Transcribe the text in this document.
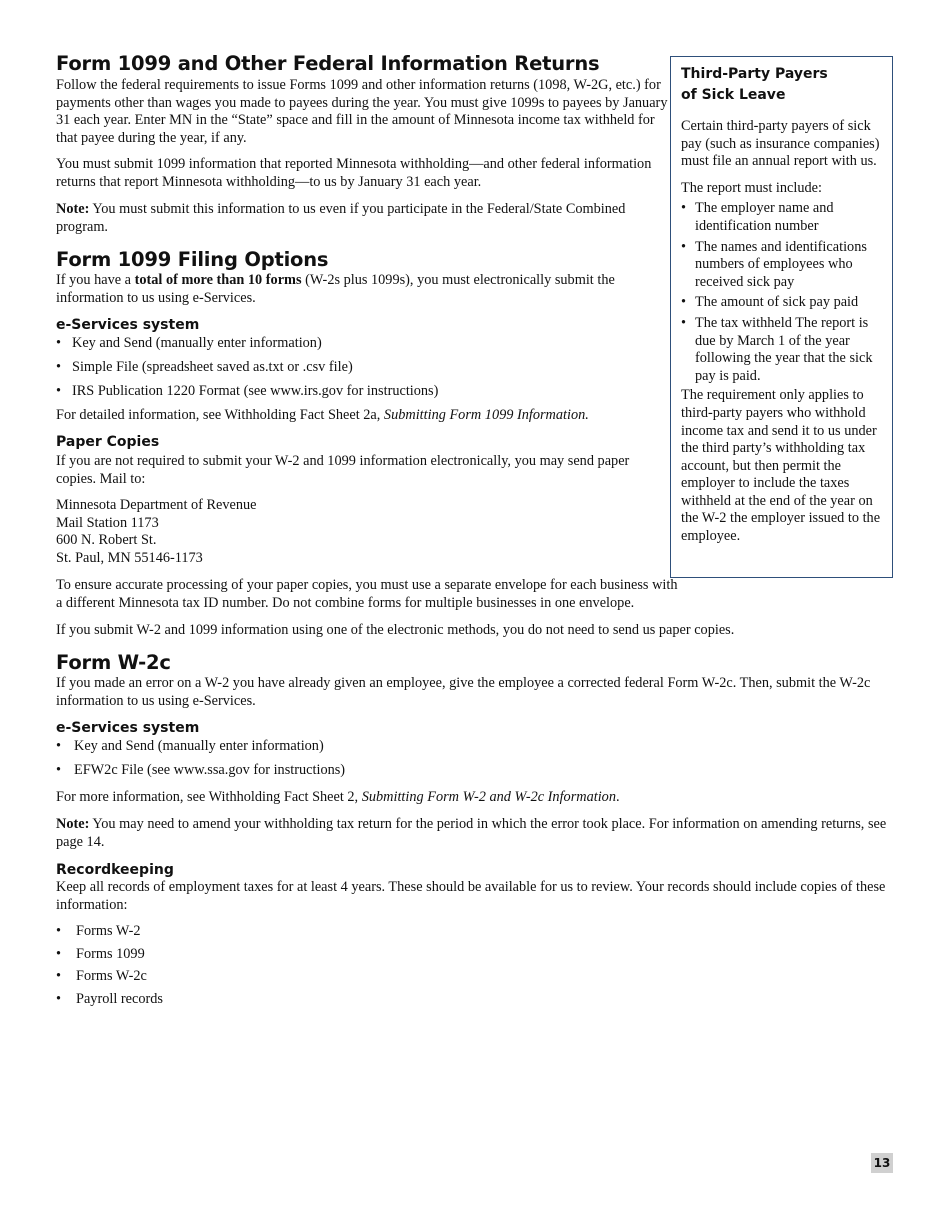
Form 1099 and Other Federal Information Returns

Follow the federal requirements to issue Forms 1099 and other information returns (1098, W-2G, etc.) for payments other than wages you made to payees during the year. You must give 1099s to payees by January 31 each year. Enter MN in the “State” space and fill in the amount of Minnesota income tax withheld for that payee during the year, if any.

You must submit 1099 information that reported Minnesota withholding—and other federal information returns that report Minnesota withholding—to us by January 31 each year.

Note: You must submit this information to us even if you participate in the Federal/State Combined program.

Form 1099 Filing Options

If you have a total of more than 10 forms (W-2s plus 1099s), you must electronically submit the information to us using e-Services.

e-Services system
• Key and Send (manually enter information)
• Simple File (spreadsheet saved as.txt or .csv file)
• IRS Publication 1220 Format (see www.irs.gov for instructions)

For detailed information, see Withholding Fact Sheet 2a, Submitting Form 1099 Information.

Paper Copies

If you are not required to submit your W-2 and 1099 information electronically, you may send paper copies. Mail to:

Minnesota Department of Revenue
Mail Station 1173
600 N. Robert St.
St. Paul, MN 55146-1173

To ensure accurate processing of your paper copies, you must use a separate envelope for each business with a different Minnesota tax ID number. Do not combine forms for multiple businesses in one envelope.

If you submit W-2 and 1099 information using one of the electronic methods, you do not need to send us paper copies.

Form W-2c

If you made an error on a W-2 you have already given an employee, give the employee a corrected federal Form W-2c. Then, submit the W-2c information to us using e-Services.

e-Services system
• Key and Send (manually enter information)
• EFW2c File (see www.ssa.gov for instructions)

For more information, see Withholding Fact Sheet 2, Submitting Form W-2 and W-2c Information.

Note: You may need to amend your withholding tax return for the period in which the error took place. For information on amending returns, see page 14.

Recordkeeping

Keep all records of employment taxes for at least 4 years. These should be available for us to review. Your records should include copies of these information:

• Forms W-2
• Forms 1099
• Forms W-2c
• Payroll records
Third-Party Payers
of Sick Leave

Certain third-party payers of sick pay (such as insurance companies) must file an annual report with us.

The report must include:

• The employer name and identification number
• The names and identifications numbers of employees who received sick pay
• The amount of sick pay paid
• The tax withheld The report is due by March 1 of the year following the year that the sick pay is paid.

The requirement only applies to third-party payers who withhold income tax and send it to us under the third party’s withholding tax account, but then permit the employer to include the taxes withheld at the end of the year on the W-2 the employer issued to the employee.

13
